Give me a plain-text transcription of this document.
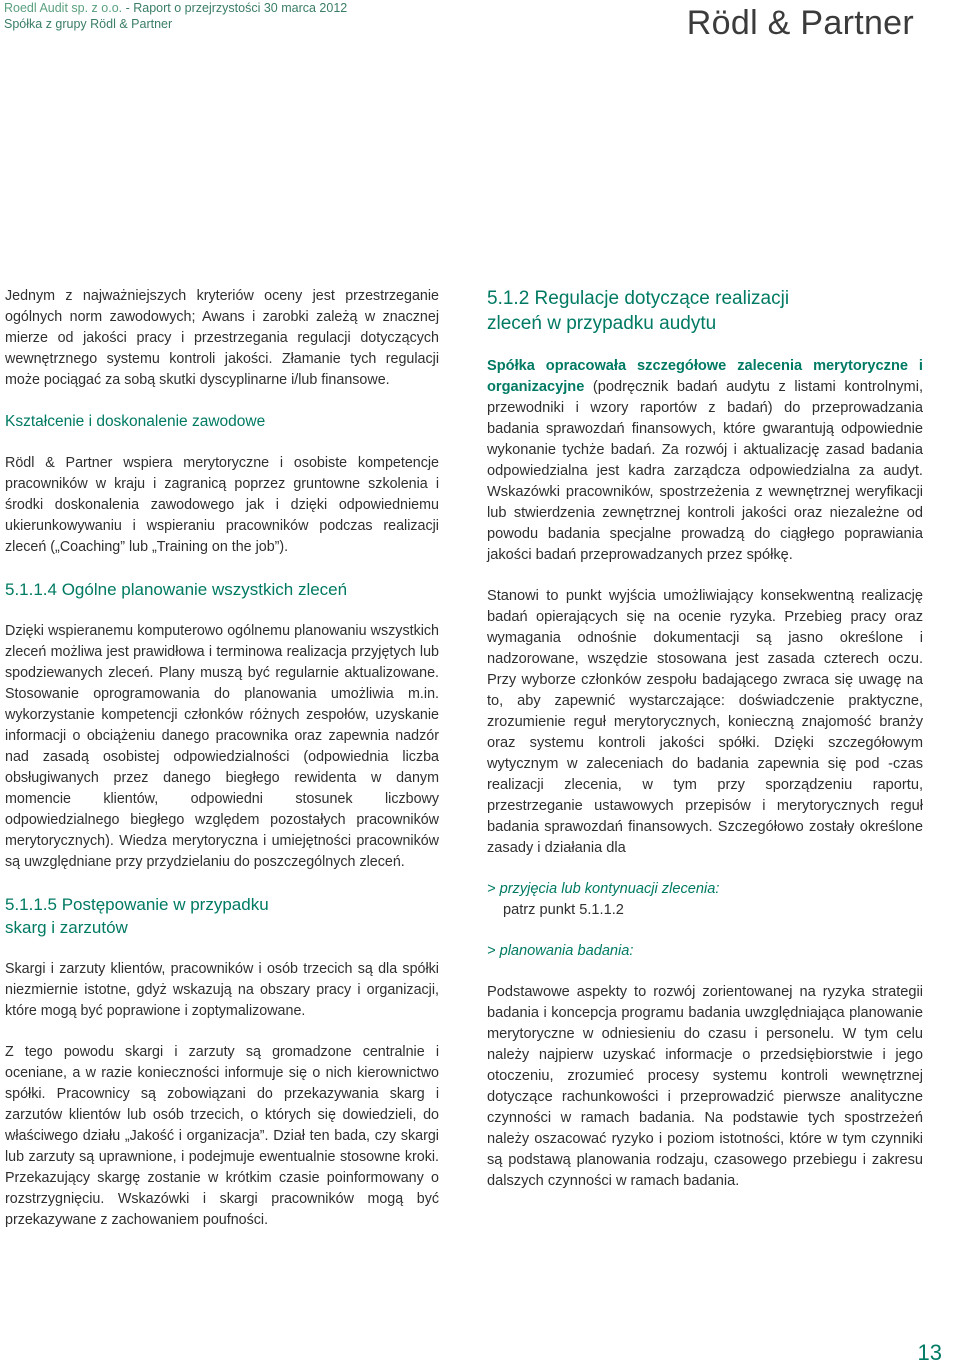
Roedl Audit sp. z o.o. - Raport o przejrzystości 30 marca 2012
Spółka z grupy Rödl & Partner	Rödl & Partner

Jednym z najważniejszych kryteriów oceny jest przestrzeganie ogólnych norm zawodowych; Awans i zarobki zależą w znacznej mierze od jakości pracy i przestrzegania regulacji dotyczących wewnętrznego systemu kontroli jakości. Złamanie tych regulacji może pociągać za sobą skutki dyscyplinarne i/lub finansowe.

Kształcenie i doskonalenie zawodowe

Rödl & Partner wspiera merytoryczne i osobiste kompetencje pracowników w kraju i zagranicą poprzez gruntowne szkolenia i środki doskonalenia zawodowego jak i dzięki odpowiedniemu ukierunkowywaniu i wspieraniu pracowników podczas realizacji zleceń („Coaching” lub „Training on the job”).

5.1.1.4 Ogólne planowanie wszystkich zleceń

Dzięki wspieranemu komputerowo ogólnemu planowaniu wszystkich zleceń możliwa jest prawidłowa i terminowa realizacja przyjętych lub spodziewanych zleceń. Plany muszą być regularnie aktualizowane. Stosowanie oprogramowania do planowania umożliwia m.in. wykorzystanie kompetencji członków różnych zespołów, uzyskanie informacji o obciążeniu danego pracownika oraz zapewnia nadzór nad zasadą osobistej odpowiedzialności (odpowiednia liczba obsługiwanych przez danego biegłego rewidenta w danym momencie klientów, odpowiedni stosunek liczbowy odpowiedzialnego biegłego względem pozostałych pracowników merytorycznych). Wiedza merytoryczna i umiejętności pracowników są uwzględniane przy przydzielaniu do poszczególnych zleceń.

5.1.1.5 Postępowanie w przypadku
skarg i zarzutów

Skargi i zarzuty klientów, pracowników i osób trzecich są dla spółki niezmiernie istotne, gdyż wskazują na obszary pracy i organizacji, które mogą być poprawione i zoptymalizowane.

Z tego powodu skargi i zarzuty są gromadzone centralnie i oceniane, a w razie konieczności informuje się o nich kierownictwo spółki. Pracownicy są zobowiązani do przekazywania skarg i zarzutów klientów lub osób trzecich, o których się dowiedzieli, do właściwego działu „Jakość i organizacja”. Dział ten bada, czy skargi lub zarzuty są uprawnione, i podejmuje ewentualnie stosowne kroki. Przekazujący skargę zostanie w krótkim czasie poinformowany o rozstrzygnięciu. Wskazówki i skargi pracowników mogą być przekazywane z zachowaniem poufności.

5.1.2 Regulacje dotyczące realizacji
zleceń w przypadku audytu

Spółka opracowała szczegółowe zalecenia merytoryczne i organizacyjne (podręcznik badań audytu z listami kontrolnymi, przewodniki i wzory raportów z badań) do przeprowadzania badania sprawozdań finansowych, które gwarantują odpowiednie wykonanie tychże badań. Za rozwój i aktualizację zasad badania odpowiedzialna jest kadra zarządcza odpowiedzialna za audyt. Wskazówki pracowników, spostrzeżenia z wewnętrznej weryfikacji lub stwierdzenia zewnętrznej kontroli jakości oraz niezależne od powodu badania specjalne prowadzą do ciągłego poprawiania jakości badań przeprowadzanych przez spółkę.

Stanowi to punkt wyjścia umożliwiający konsekwentną realizację badań opierających się na ocenie ryzyka. Przebieg pracy oraz wymagania odnośnie dokumentacji są jasno określone i nadzorowane, wszędzie stosowana jest zasada czterech oczu. Przy wyborze członków zespołu badającego zwraca się uwagę na to, aby zapewnić wystarczające: doświadczenie praktyczne, zrozumienie reguł merytorycznych, konieczną znajomość branży oraz systemu kontroli jakości spółki. Dzięki szczegółowym wytycznym w zaleceniach do badania zapewnia się pod -czas realizacji zlecenia, w tym przy sporządzeniu raportu, przestrzeganie ustawowych przepisów i merytorycznych reguł badania sprawozdań finansowych. Szczegółowo zostały określone zasady i działania dla

> przyjęcia lub kontynuacji zlecenia:
patrz punkt 5.1.1.2
> planowania badania:

Podstawowe aspekty to rozwój zorientowanej na ryzyka strategii badania i koncepcja programu badania uwzględniająca planowanie merytoryczne w odniesieniu do czasu i personelu. W tym celu należy najpierw uzyskać informacje o przedsiębiorstwie i jego otoczeniu, zrozumieć procesy systemu kontroli wewnętrznej dotyczące rachunkowości i przeprowadzić pierwsze analityczne czynności w ramach badania. Na podstawie tych spostrzeżeń należy oszacować ryzyko i poziom istotności, które w tym czynniki są podstawą planowania rodzaju, czasowego przebiegu i zakresu dalszych czynności w ramach badania.

13
